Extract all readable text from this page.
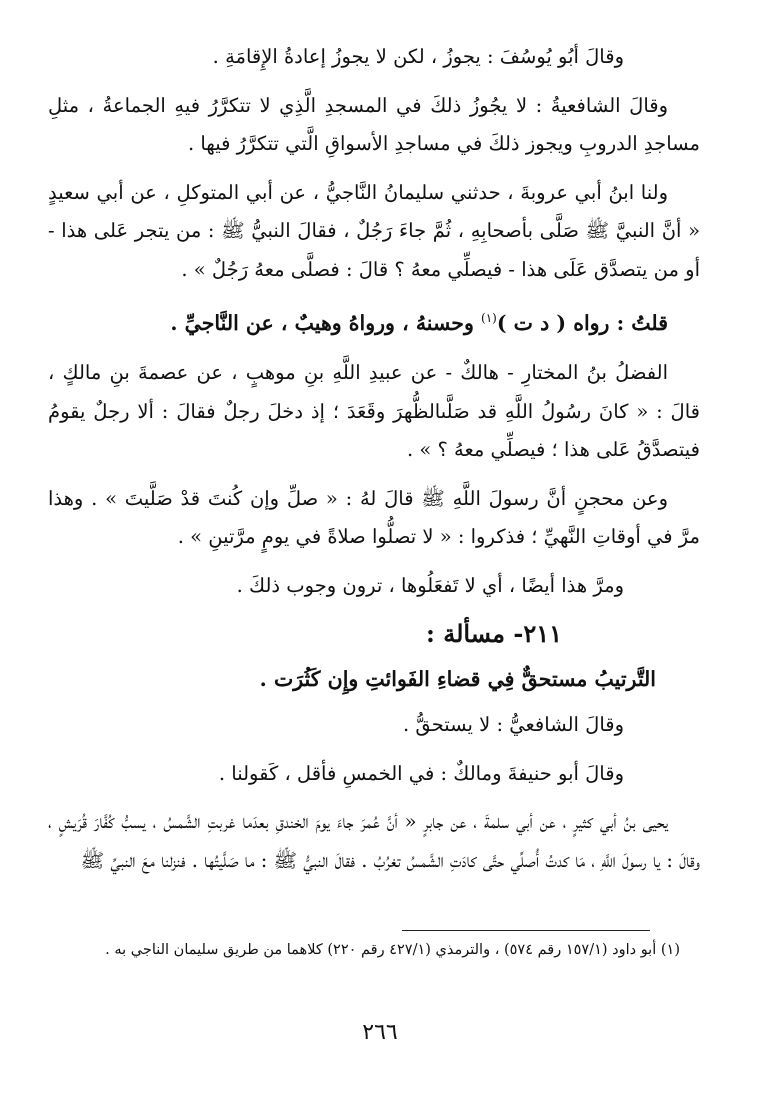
وقالَ أبُو يُوسُفَ : يجوزُ ، لكن لا يجوزُ إعادةُ الإِقامَةِ .

وقالَ الشافعيةُ : لا يجُوزُ ذلكَ في المسجدِ الَّذِي لا تتكرَّرُ فيهِ الجماعةُ ، مثلِ مساجدِ الدروبِ ويجوز ذلكَ في مساجدِ الأسواقِ الَّتي تتكرَّرُ فيها .

ولنا ابنُ أبي عروبةَ ، حدثني سليمانُ النَّاجيُّ ، عن أبي المتوكلِ ، عن أبي سعيدٍ « أنَّ النبيَّ ﷺ صَلَّى بأصحابِهِ ، ثُمَّ جاءَ رَجُلٌ ، فقالَ النبيُّ ﷺ : من يتجر عَلى هذا - أو من يتصدَّق عَلَى هذا - فيصلِّي معهُ ؟ قالَ : فصلَّى معهُ رَجُلٌ » .

قلتُ : رواه ( د ت )$^{(١)}$ وحسنهُ ، ورواهُ وهيبٌ ، عن النَّاجيِّ .

الفضلُ بنُ المختارِ - هالكٌ - عن عبيدِ اللَّهِ بنِ موهبٍ ، عن عصمةَ بنِ مالكٍ ، قالَ : « كانَ رسُولُ اللَّهِ قد صَلَّىالظُّهرَ وقَعَدَ ؛ إذ دخلَ رجلٌ فقالَ : ألا رجلٌ يقومُ فيتصدَّقُ عَلى هذا ؛ فيصلِّي معهُ ؟ » .

وعن محجنٍ أنَّ رسولَ اللَّهِ ﷺ قالَ لهُ : « صلِّ وإن كُنتَ قدْ صَلَّيتَ » . وهذا مرَّ في أوقاتِ النَّهيِّ ؛ فذكروا : « لا تصلُّوا صلاةً في يومٍ مرَّتينِ » .

ومرَّ هذا أيضًا ، أي لا تَفعَلُوها ، ترون وجوب ذلكَ .

٢١١- مسألة :

التَّرتيبُ مستحقٌّ فِي قضاءِ الفَوائتِ وإِن كَثُرَت .

وقالَ الشافعيُّ : لا يستحقُّ .

وقالَ أبو حنيفةَ ومالكٌ : في الخمسِ فأقل ، كَقولنا .

يحيى بنُ أبي كثيرٍ ، عن أبي سلمةَ ، عن جابرٍ « أنَّ عُمرَ جاءَ يومَ الخندقِ بعدَما غربتِ الشَّمسُ ، يسبُّ كُفَّارَ قُرَيشٍ ، وقالَ : يا رسولَ اللَّهِ ، مَا كدتُ أُصلِّي حتَّى كادَتِ الشَّمسُ تغرُبُ . فقالَ النبيُّ ﷺ : ما صَلَّيتُها . فنزلنا معَ النبيِّ ﷺ

(١) أبو داود (١٥٧/١ رقم ٥٧٤) ، والترمذي (٤٢٧/١ رقم ٢٢٠) كلاهما من طريق سليمان الناجي به .
٢٦٦
